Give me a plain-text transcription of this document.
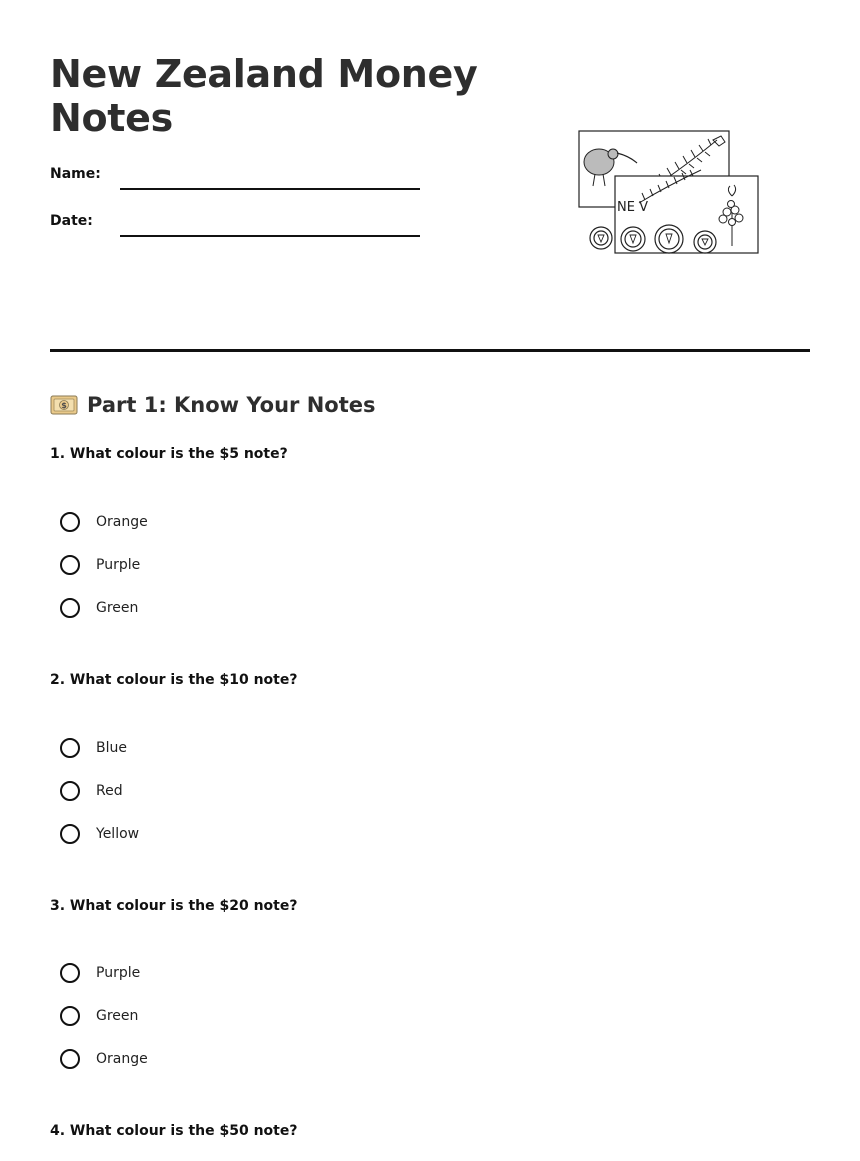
New Zealand Money Notes
Name:
Date:
NE V
$ Part 1: Know Your Notes
1. What colour is the $5 note?
Orange
Purple
Green
2. What colour is the $10 note?
Blue
Red
Yellow
3. What colour is the $20 note?
Purple
Green
Orange
4. What colour is the $50 note?
